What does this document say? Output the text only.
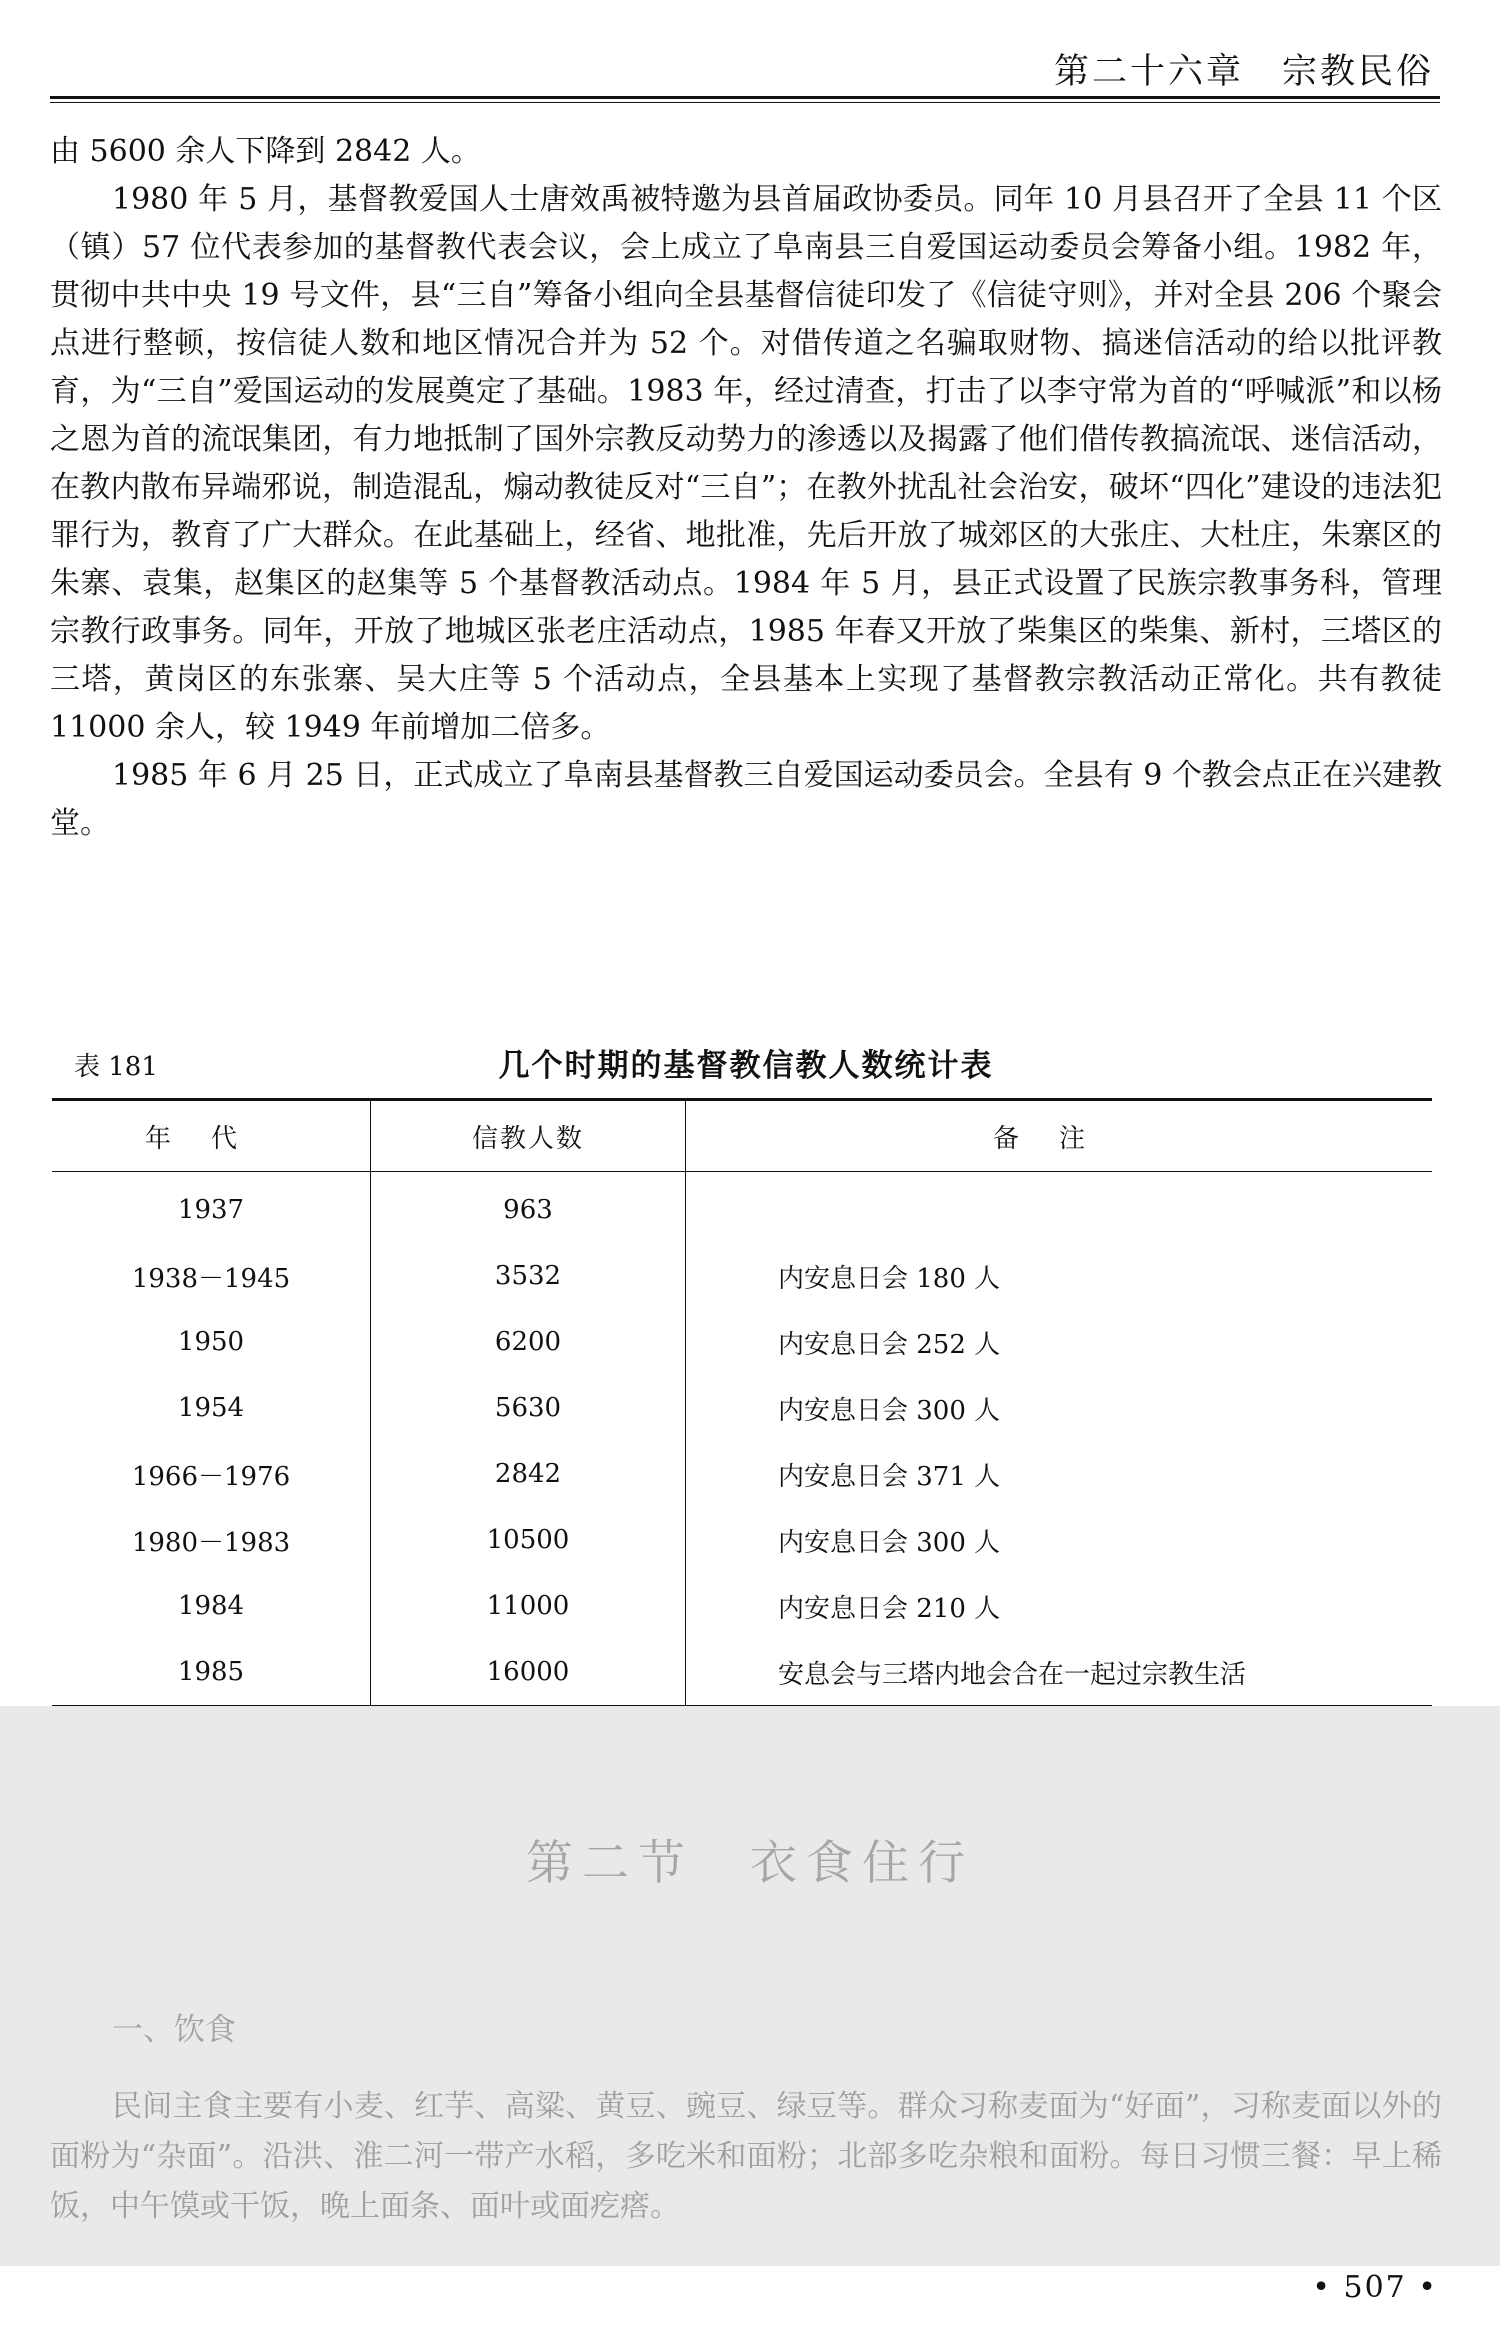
第二十六章　宗教民俗

由 5600 余人下降到 2842 人。

1980 年 5 月，基督教爱国人士唐效禹被特邀为县首届政协委员。同年 10 月县召开了全县 11 个区（镇）57 位代表参加的基督教代表会议，会上成立了阜南县三自爱国运动委员会筹备小组。1982 年，贯彻中共中央 19 号文件，县“三自”筹备小组向全县基督信徒印发了《信徒守则》，并对全县 206 个聚会点进行整顿，按信徒人数和地区情况合并为 52 个。对借传道之名骗取财物、搞迷信活动的给以批评教育，为“三自”爱国运动的发展奠定了基础。1983 年，经过清查，打击了以李守常为首的“呼喊派”和以杨之恩为首的流氓集团，有力地抵制了国外宗教反动势力的渗透以及揭露了他们借传教搞流氓、迷信活动，在教内散布异端邪说，制造混乱，煽动教徒反对“三自”；在教外扰乱社会治安，破坏“四化”建设的违法犯罪行为，教育了广大群众。在此基础上，经省、地批准，先后开放了城郊区的大张庄、大杜庄，朱寨区的朱寨、袁集，赵集区的赵集等 5 个基督教活动点。1984 年 5 月，县正式设置了民族宗教事务科，管理宗教行政事务。同年，开放了地城区张老庄活动点，1985 年春又开放了柴集区的柴集、新村，三塔区的三塔，黄岗区的东张寨、吴大庄等 5 个活动点，全县基本上实现了基督教宗教活动正常化。共有教徒 11000 余人，较 1949 年前增加二倍多。

1985 年 6 月 25 日，正式成立了阜南县基督教三自爱国运动委员会。全县有 9 个教会点正在兴建教堂。

表 181	几个时期的基督教信教人数统计表
年代	信教人数	备注
1937	963	
1938－1945	3532	内安息日会 180 人
1950	6200	内安息日会 252 人
1954	5630	内安息日会 300 人
1966－1976	2842	内安息日会 371 人
1980－1983	10500	内安息日会 300 人
1984	11000	内安息日会 210 人
1985	16000	安息会与三塔内地会合在一起过宗教生活
第二节　衣食住行
一、饮食

民间主食主要有小麦、红芋、高粱、黄豆、豌豆、绿豆等。群众习称麦面为“好面”，习称麦面以外的面粉为“杂面”。沿洪、淮二河一带产水稻，多吃米和面粉；北部多吃杂粮和面粉。每日习惯三餐：早上稀饭，中午馍或干饭，晚上面条、面叶或面疙瘩。

• 507 •
